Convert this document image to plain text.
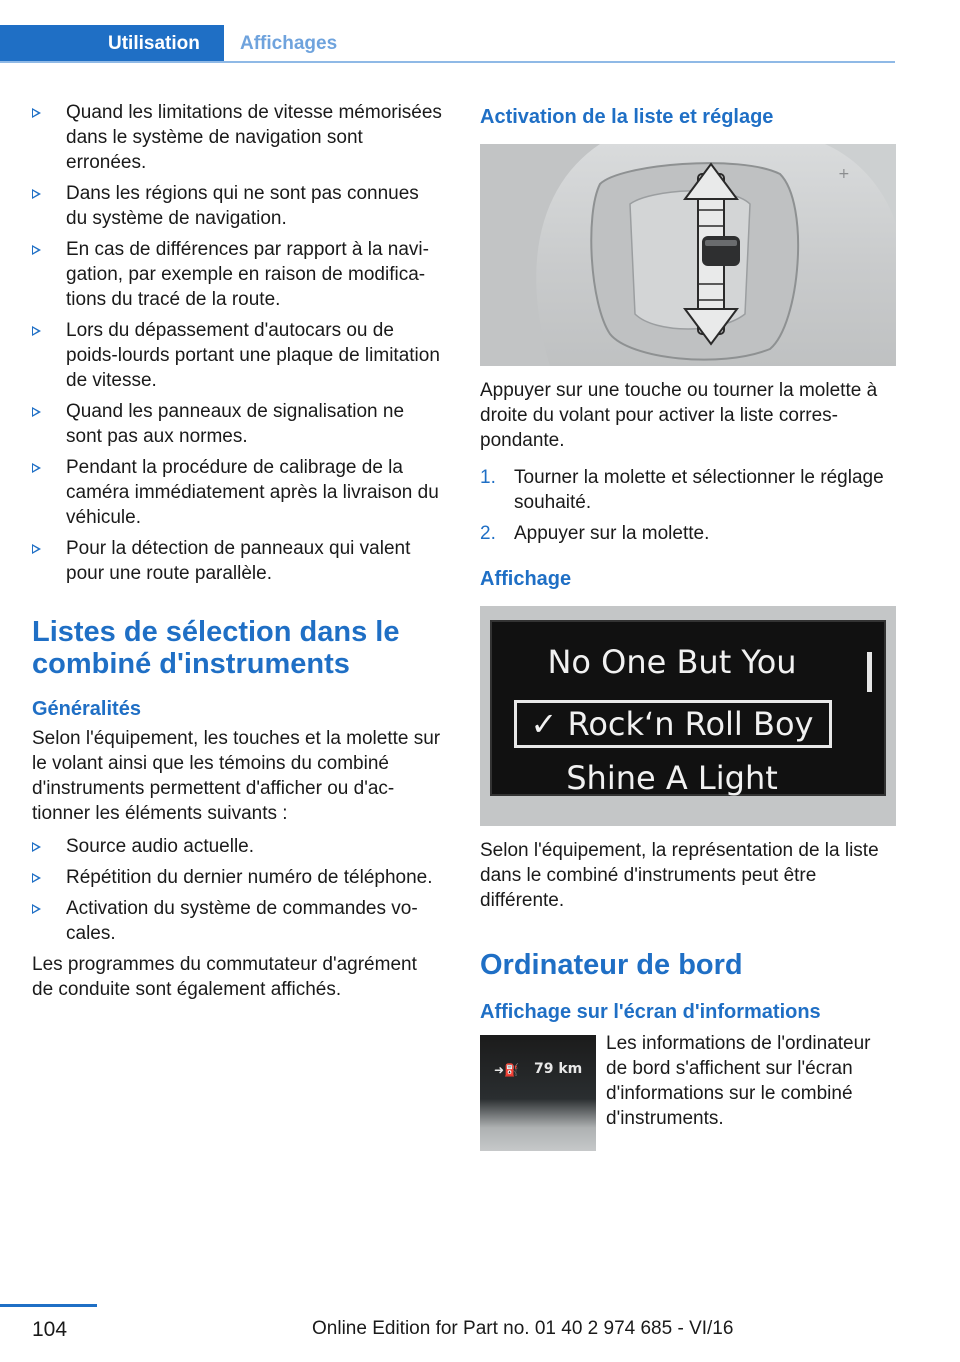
Utilisation	Affichages
Quand les limitations de vitesse mémorisées dans le système de navigation sont erronées.
Dans les régions qui ne sont pas connues du système de navigation.
En cas de différences par rapport à la navigation, par exemple en raison de modifications du tracé de la route.
Lors du dépassement d'autocars ou de poids-lourds portant une plaque de limitation de vitesse.
Quand les panneaux de signalisation ne sont pas aux normes.
Pendant la procédure de calibrage de la caméra immédiatement après la livraison du véhicule.
Pour la détection de panneaux qui valent pour une route parallèle.
Listes de sélection dans le combiné d'instruments
Généralités

Selon l'équipement, les touches et la molette sur le volant ainsi que les témoins du combiné d'instruments permettent d'afficher ou d'actionner les éléments suivants :

Source audio actuelle.
Répétition du dernier numéro de téléphone.
Activation du système de commandes vocales.

Les programmes du commutateur d'agrément de conduite sont également affichés.

Activation de la liste et réglage
+

Appuyer sur une touche ou tourner la molette à droite du volant pour activer la liste correspondante.

1. Tourner la molette et sélectionner le réglage souhaité.
2. Appuyer sur la molette.
Affichage
No One But You
✓ Rock‘n Roll Boy
Shine A Light

Selon l'équipement, la représentation de la liste dans le combiné d'instruments peut être différente.

Ordinateur de bord
Affichage sur l'écran d'informations
➜⛽ 79 km

Les informations de l'ordinateur de bord s'affichent sur l'écran d'informations sur le combiné d'instruments.

104	Online Edition for Part no. 01 40 2 974 685 - VI/16
